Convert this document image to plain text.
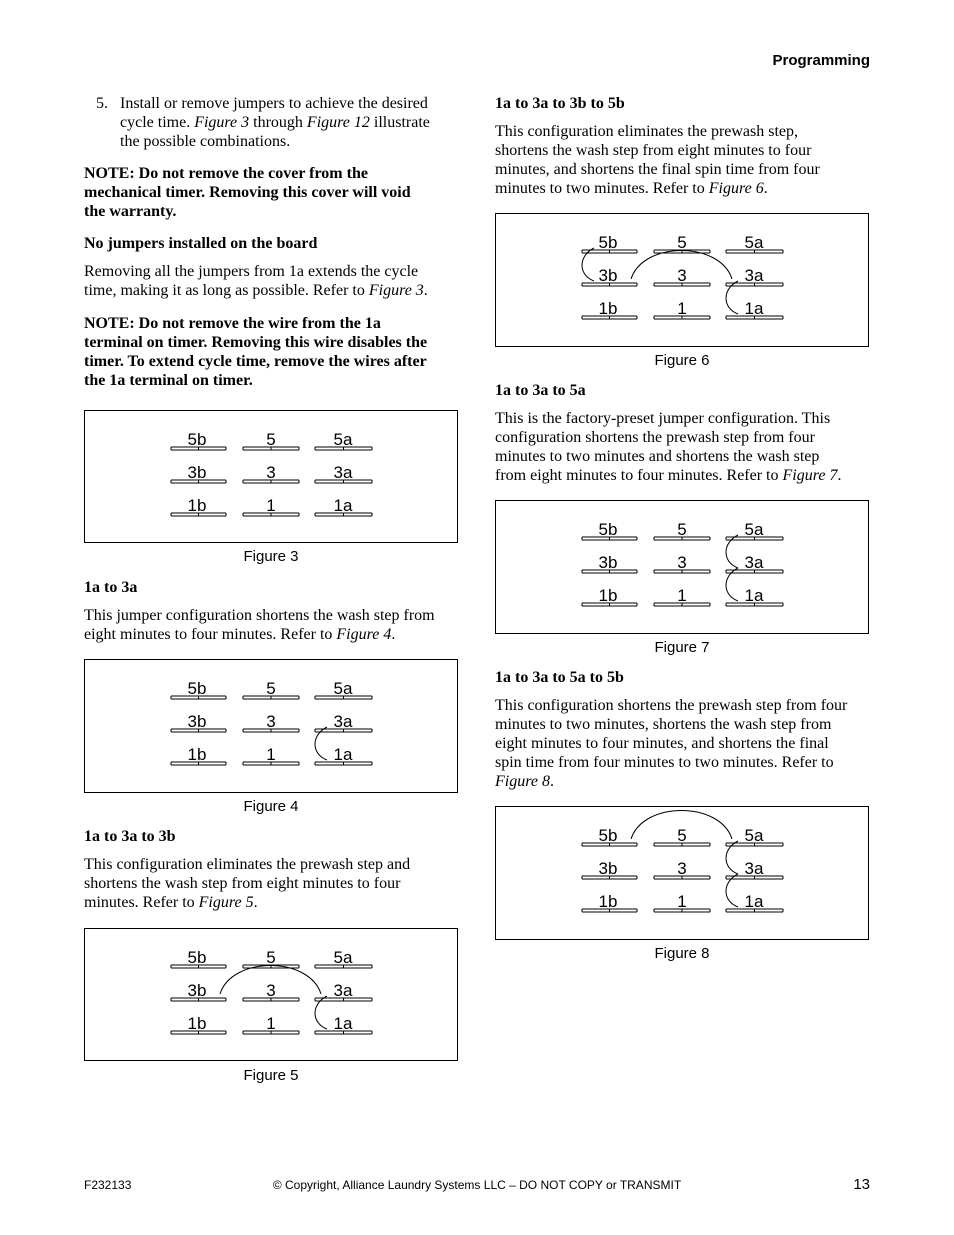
Programming
5. Install or remove jumpers to achieve the desired
cycle time. Figure 3 through Figure 12 illustrate
the possible combinations.
NOTE: Do not remove the cover from the
mechanical timer. Removing this cover will void
the warranty.
No jumpers installed on the board
Removing all the jumpers from 1a extends the cycle
time, making it as long as possible. Refer to Figure 3.
NOTE: Do not remove the wire from the 1a
terminal on timer. Removing this wire disables the
timer. To extend cycle time, remove the wires after
the 1a terminal on timer.
5b	5	5a
3b	3	3a
1b	1	1a
Figure 3
1a to 3a
This jumper configuration shortens the wash step from
eight minutes to four minutes. Refer to Figure 4.
5b	5	5a
3b	3	3a
1b	1	1a
Figure 4
1a to 3a to 3b
This configuration eliminates the prewash step and
shortens the wash step from eight minutes to four
minutes. Refer to Figure 5.
5b	5	5a
3b	3	3a
1b	1	1a
Figure 5
1a to 3a to 3b to 5b
This configuration eliminates the prewash step,
shortens the wash step from eight minutes to four
minutes, and shortens the final spin time from four
minutes to two minutes. Refer to Figure 6.
5b	5	5a
3b	3	3a
1b	1	1a
Figure 6
1a to 3a to 5a
This is the factory-preset jumper configuration. This
configuration shortens the prewash step from four
minutes to two minutes and shortens the wash step
from eight minutes to four minutes. Refer to Figure 7.
5b	5	5a
3b	3	3a
1b	1	1a
Figure 7
1a to 3a to 5a to 5b
This configuration shortens the prewash step from four
minutes to two minutes, shortens the wash step from
eight minutes to four minutes, and shortens the final
spin time from four minutes to two minutes. Refer to
Figure 8.
5b	5	5a
3b	3	3a
1b	1	1a
Figure 8
F232133	© Copyright, Alliance Laundry Systems LLC – DO NOT COPY or TRANSMIT	13
